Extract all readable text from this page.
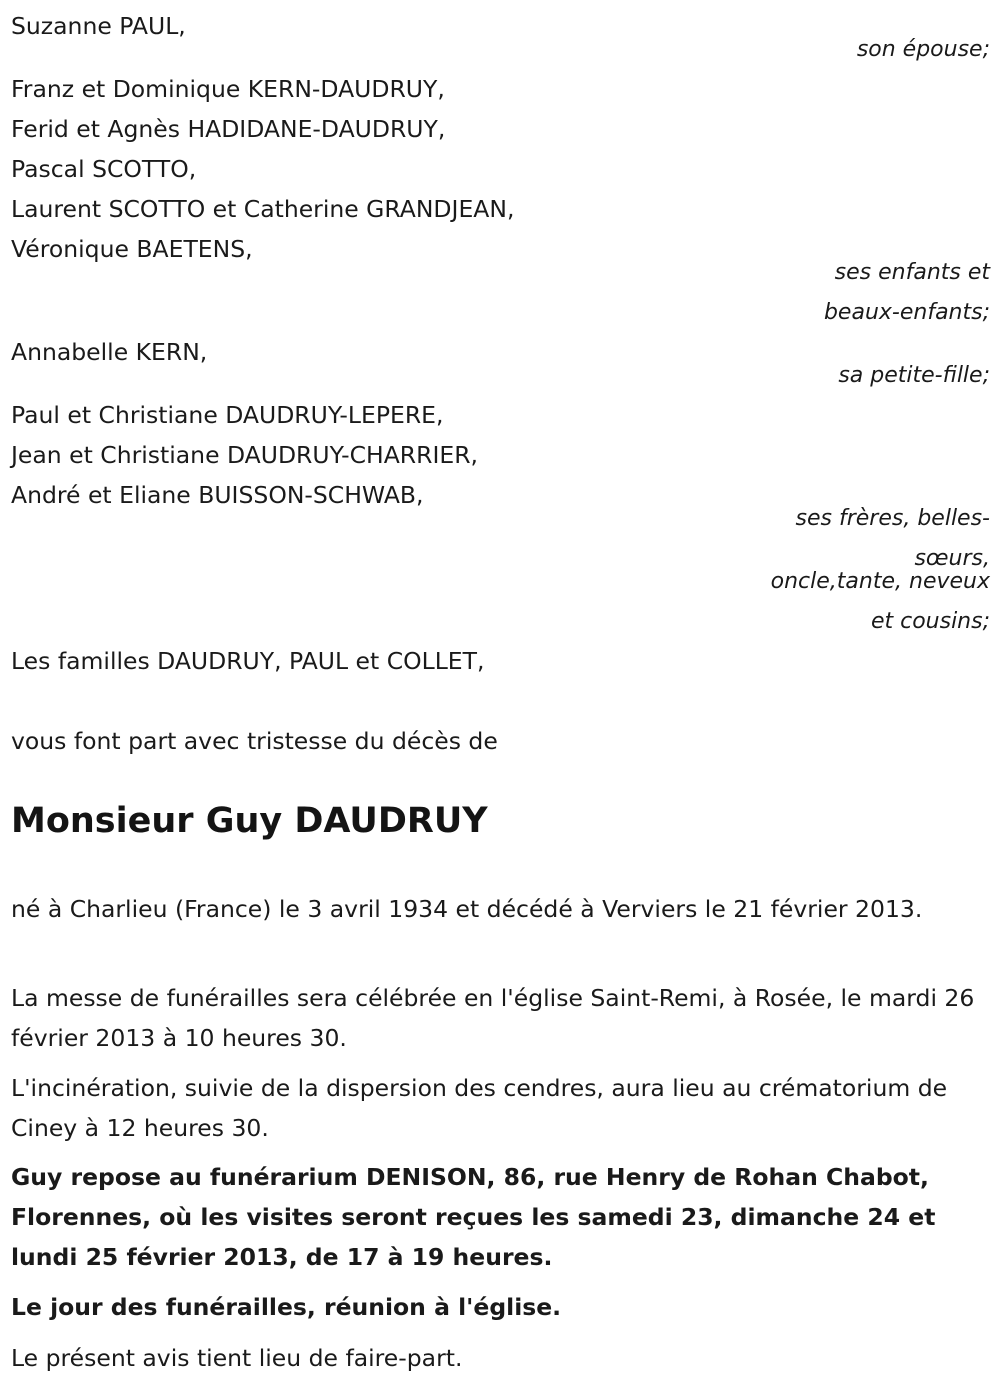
Suzanne PAUL,
son épouse;
Franz et Dominique KERN-DAUDRUY,
Ferid et Agnès HADIDANE-DAUDRUY,
Pascal SCOTTO,
Laurent SCOTTO et Catherine GRANDJEAN,
Véronique BAETENS,
ses enfants et
beaux-enfants;
Annabelle KERN,
sa petite-fille;
Paul et Christiane DAUDRUY-LEPERE,
Jean et Christiane DAUDRUY-CHARRIER,
André et Eliane BUISSON-SCHWAB,
ses frères, belles-
sœurs,
oncle,tante, neveux
et cousins;
Les familles DAUDRUY, PAUL et COLLET,
vous font part avec tristesse du décès de
Monsieur Guy DAUDRUY

né à Charlieu (France) le 3 avril 1934 et décédé à Verviers le 21 février 2013.

La messe de funérailles sera célébrée en l'église Saint-Remi, à Rosée, le mardi 26 février 2013 à 10 heures 30.

L'incinération, suivie de la dispersion des cendres, aura lieu au crématorium de Ciney à 12 heures 30.

Guy repose au funérarium DENISON, 86, rue Henry de Rohan Chabot, Florennes, où les visites seront reçues les samedi 23, dimanche 24 et lundi 25 février 2013, de 17 à 19 heures.

Le jour des funérailles, réunion à l'église.

Le présent avis tient lieu de faire-part.
